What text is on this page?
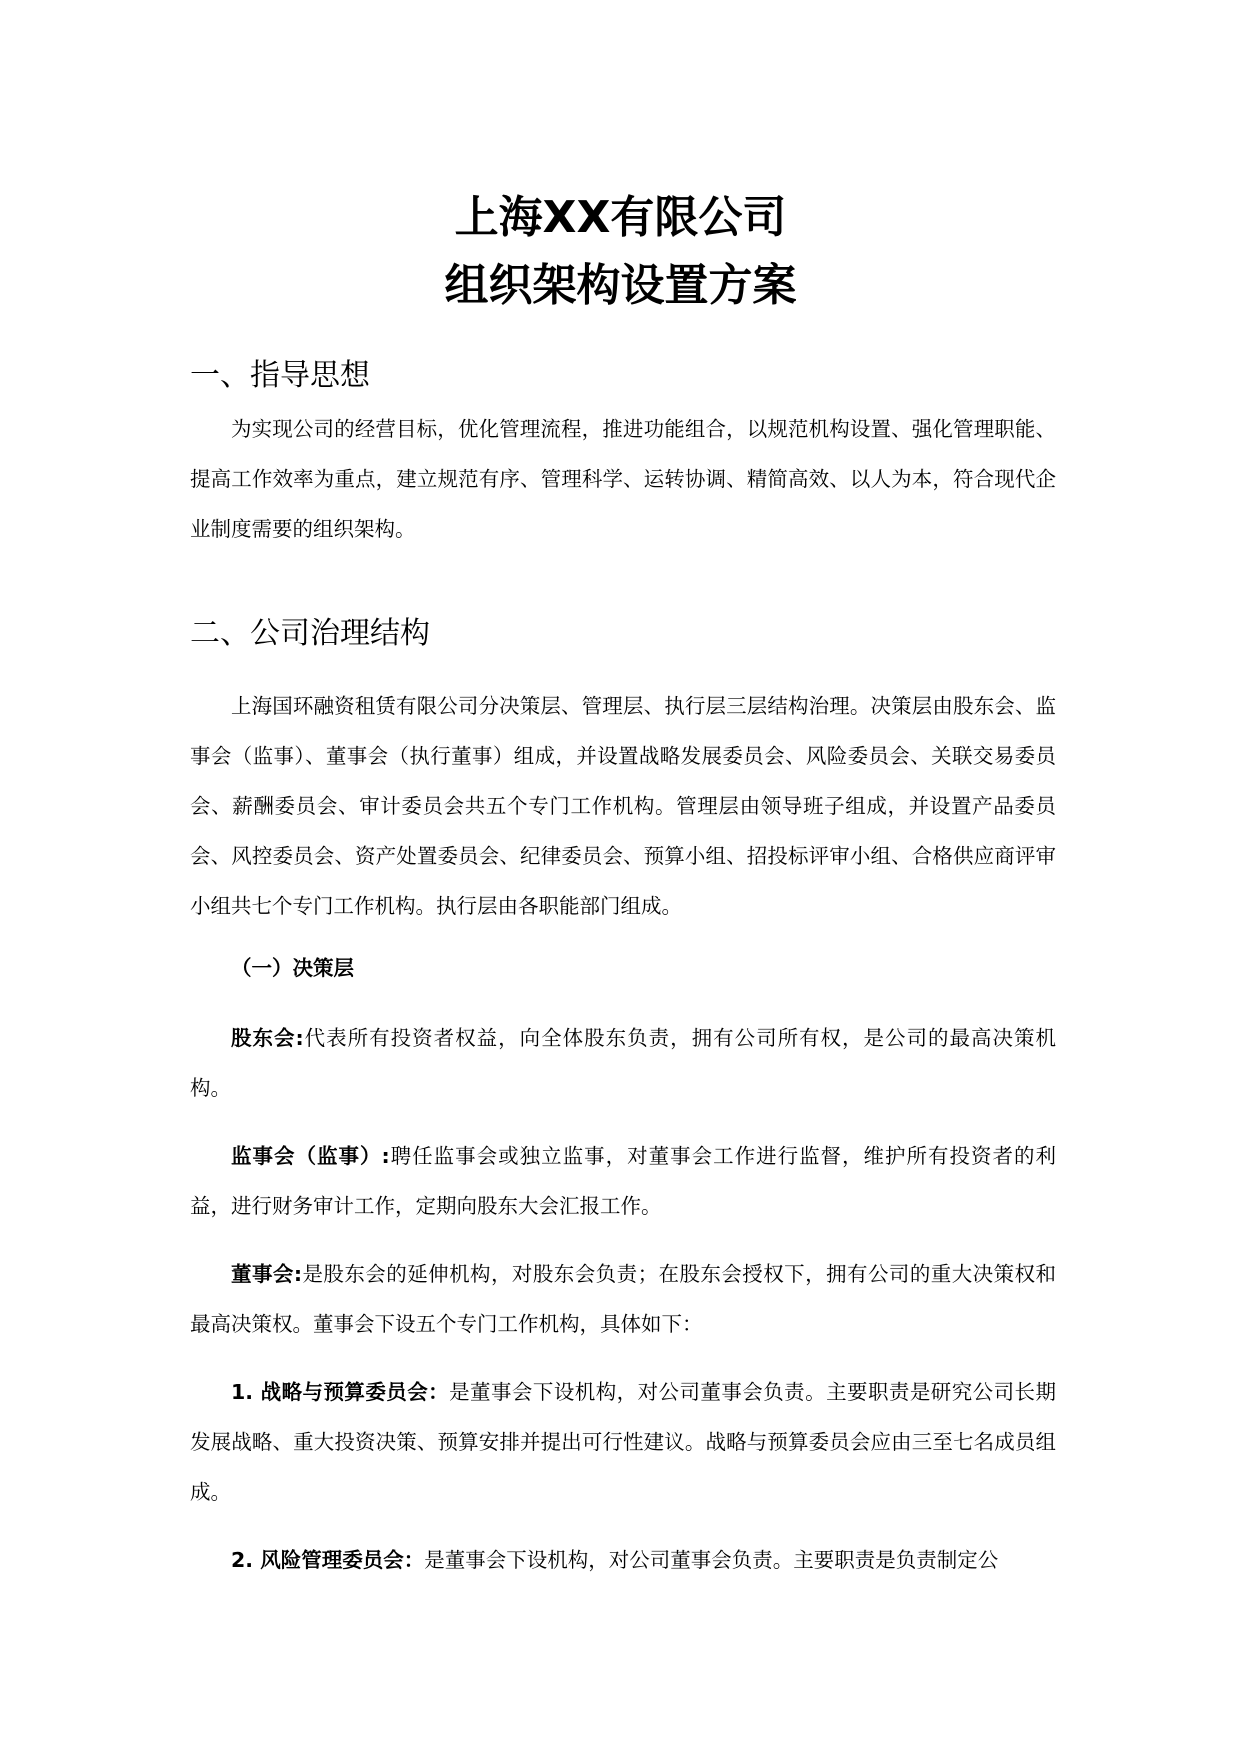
上海XX有限公司
组织架构设置方案
一、指导思想

为实现公司的经营目标，优化管理流程，推进功能组合，以规范机构设置、强化管理职能、提高工作效率为重点，建立规范有序、管理科学、运转协调、精简高效、以人为本，符合现代企业制度需要的组织架构。

二、公司治理结构

上海国环融资租赁有限公司分决策层、管理层、执行层三层结构治理。决策层由股东会、监事会（监事）、董事会（执行董事）组成，并设置战略发展委员会、风险委员会、关联交易委员会、薪酬委员会、审计委员会共五个专门工作机构。管理层由领导班子组成，并设置产品委员会、风控委员会、资产处置委员会、纪律委员会、预算小组、招投标评审小组、合格供应商评审小组共七个专门工作机构。执行层由各职能部门组成。

（一）决策层

股东会:代表所有投资者权益，向全体股东负责，拥有公司所有权，是公司的最高决策机构。

监事会（监事）:聘任监事会或独立监事，对董事会工作进行监督，维护所有投资者的利益，进行财务审计工作，定期向股东大会汇报工作。

董事会:是股东会的延伸机构，对股东会负责；在股东会授权下，拥有公司的重大决策权和最高决策权。董事会下设五个专门工作机构，具体如下：

1. 战略与预算委员会：是董事会下设机构，对公司董事会负责。主要职责是研究公司长期发展战略、重大投资决策、预算安排并提出可行性建议。战略与预算委员会应由三至七名成员组成。

2. 风险管理委员会：是董事会下设机构，对公司董事会负责。主要职责是负责制定公
